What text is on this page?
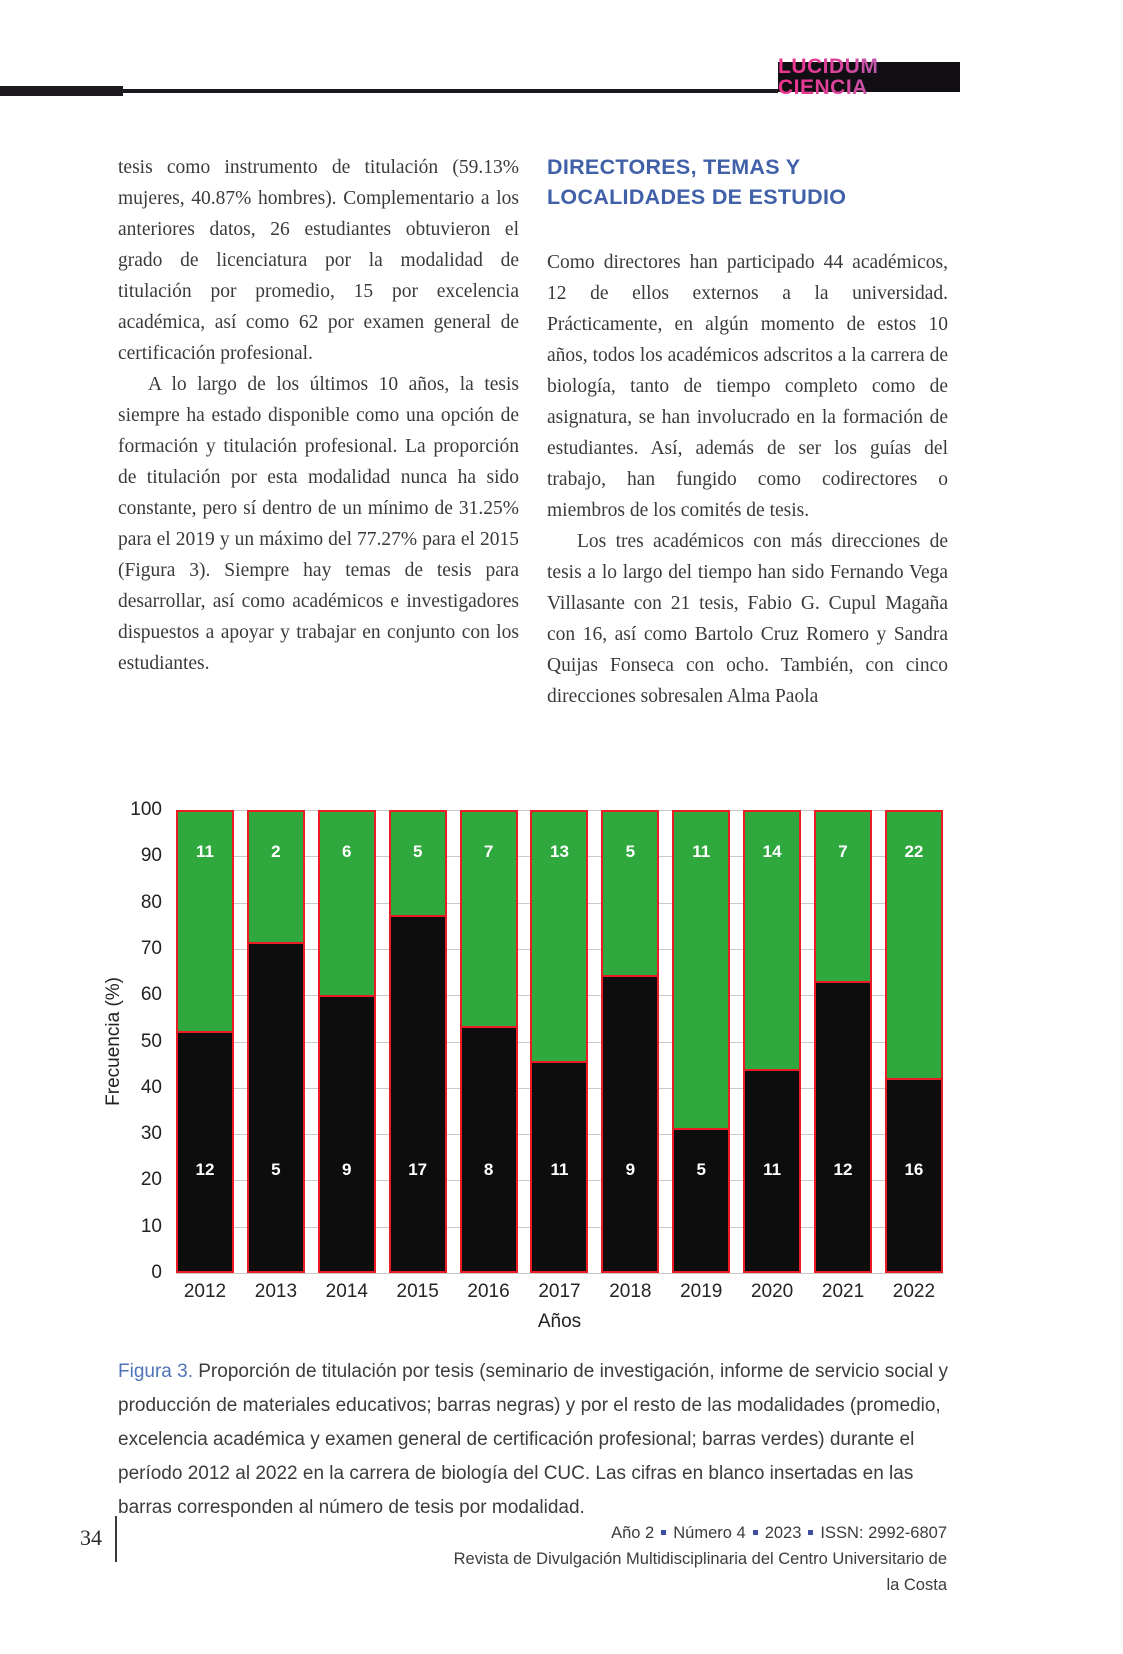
LUCIDUM CIENCIA

tesis como instrumento de titulación (59.13% mujeres, 40.87% hombres). Complementario a los anteriores datos, 26 estudiantes obtuvieron el grado de licenciatura por la modalidad de titulación por promedio, 15 por excelencia académica, así como 62 por examen general de certificación profesional.

A lo largo de los últimos 10 años, la tesis siempre ha estado disponible como una opción de formación y titulación profesional. La proporción de titulación por esta modalidad nunca ha sido constante, pero sí dentro de un mínimo de 31.25% para el 2019 y un máximo del 77.27% para el 2015 (Figura 3). Siempre hay temas de tesis para desarrollar, así como académicos e investigadores dispuestos a apoyar y trabajar en conjunto con los estudiantes.

DIRECTORES, TEMAS Y LOCALIDADES DE ESTUDIO

Como directores han participado 44 académicos, 12 de ellos externos a la universidad. Prácticamente, en algún momento de estos 10 años, todos los académicos adscritos a la carrera de biología, tanto de tiempo completo como de asignatura, se han involucrado en la formación de estudiantes. Así, además de ser los guías del trabajo, han fungido como codirectores o miembros de los comités de tesis.

Los tres académicos con más direcciones de tesis a lo largo del tiempo han sido Fernando Vega Villasante con 21 tesis, Fabio G. Cupul Magaña con 16, así como Bartolo Cruz Romero y Sandra Quijas Fonseca con ocho. También, con cinco direcciones sobresalen Alma Paola

Frecuencia (%)
0
10
20
30
40
50
60
70
80
90
100
11
12
2
5
6
9
5
17
7
8
13
11
5
9
11
5
14
11
7
12
22
16
2012	2013	2014	2015	2016	2017	2018	2019	2020	2021	2022
Años

Figura 3. Proporción de titulación por tesis (seminario de investigación, informe de servicio social y producción de materiales educativos; barras negras) y por el resto de las modalidades (promedio, excelencia académica y examen general de certificación profesional; barras verdes) durante el período 2012 al 2022 en la carrera de biología del CUC. Las cifras en blanco insertadas en las barras corresponden al número de tesis por modalidad.

34	Año 2 Número 4 2023 ISSN: 2992-6807
Revista de Divulgación Multidisciplinaria del Centro Universitario de la Costa
